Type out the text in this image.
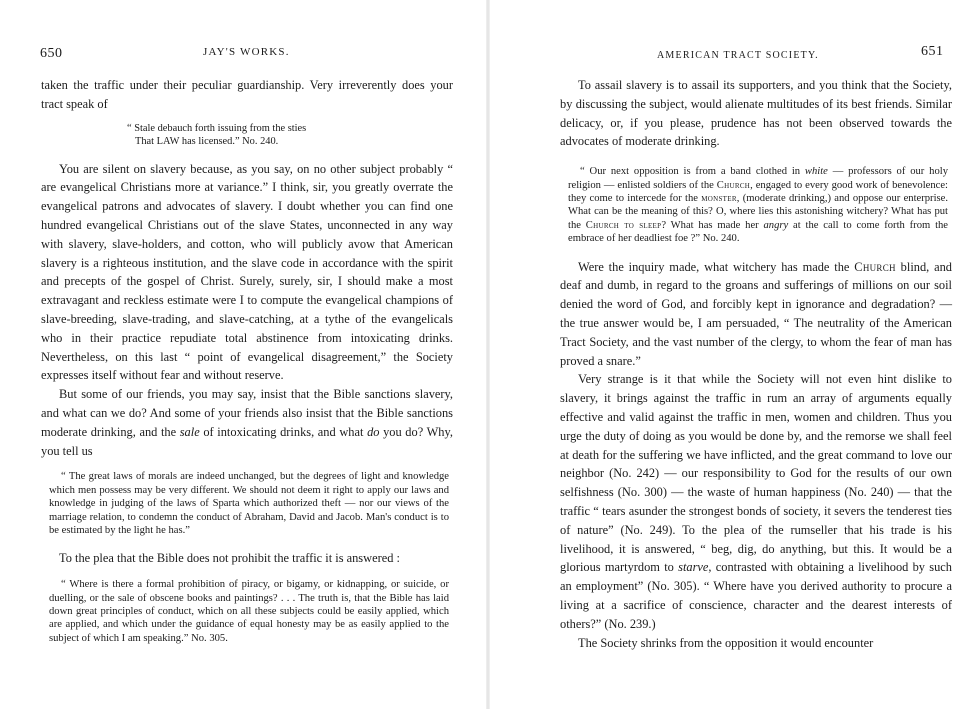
650	JAY'S WORKS.

taken the traffic under their peculiar guardianship. Very irreverently does your tract speak of

“ Stale debauch forth issuing from the sties
That LAW has licensed.” No. 240.

You are silent on slavery because, as you say, on no other subject probably “ are evangelical Christians more at variance.” I think, sir, you greatly overrate the evangelical patrons and advocates of slavery. I doubt whether you can find one hundred evangelical Christians out of the slave States, unconnected in any way with slavery, slave-holders, and cotton, who will publicly avow that American slavery is a righteous institution, and the slave code in accordance with the spirit and precepts of the gospel of Christ. Surely, surely, sir, I should make a most extravagant and reckless estimate were I to compute the evangelical champions of slave-breeding, slave-trading, and slave-catching, at a tythe of the evangelicals who in their practice repudiate total abstinence from intoxicating drinks. Nevertheless, on this last “ point of evangelical disagreement,” the Society expresses itself without fear and without reserve.

But some of our friends, you may say, insist that the Bible sanctions slavery, and what can we do? And some of your friends also insist that the Bible sanctions moderate drinking, and the sale of intoxicating drinks, and what do you do? Why, you tell us

“ The great laws of morals are indeed unchanged, but the degrees of light and knowledge which men possess may be very different. We should not deem it right to apply our laws and knowledge in judging of the laws of Sparta which authorized theft — nor our views of the marriage relation, to condemn the conduct of Abraham, David and Jacob. Man's conduct is to be estimated by the light he has.”

To the plea that the Bible does not prohibit the traffic it is answered :

“ Where is there a formal prohibition of piracy, or bigamy, or kidnapping, or suicide, or duelling, or the sale of obscene books and paintings? . . . The truth is, that the Bible has laid down great principles of conduct, which on all these subjects could be easily applied, which are applied, and which under the guidance of equal honesty may be as easily applied to the subject of which I am speaking.” No. 305.

AMERICAN TRACT SOCIETY.	651

To assail slavery is to assail its supporters, and you think that the Society, by discussing the subject, would alienate multitudes of its best friends. Similar delicacy, or, if you please, prudence has not been observed towards the advocates of moderate drinking.

“ Our next opposition is from a band clothed in white — professors of our holy religion — enlisted soldiers of the Church, engaged to every good work of benevolence: they come to intercede for the monster, (moderate drinking,) and oppose our enterprise. What can be the meaning of this? O, where lies this astonishing witchery? What has put the Church to sleep? What has made her angry at the call to come forth from the embrace of her deadliest foe ?” No. 240.

Were the inquiry made, what witchery has made the Church blind, and deaf and dumb, in regard to the groans and sufferings of millions on our soil denied the word of God, and forcibly kept in ignorance and degradation? — the true answer would be, I am persuaded, “ The neutrality of the American Tract Society, and the vast number of the clergy, to whom the fear of man has proved a snare.”

Very strange is it that while the Society will not even hint dislike to slavery, it brings against the traffic in rum an array of arguments equally effective and valid against the traffic in men, women and children. Thus you urge the duty of doing as you would be done by, and the remorse we shall feel at death for the suffering we have inflicted, and the great command to love our neighbor (No. 242) — our responsibility to God for the results of our own selfishness (No. 300) — the waste of human happiness (No. 240) — that the traffic “ tears asunder the strongest bonds of society, it severs the tenderest ties of nature” (No. 249). To the plea of the rumseller that his trade is his livelihood, it is answered, “ beg, dig, do anything, but this. It would be a glorious martyrdom to starve, contrasted with obtaining a livelihood by such an employment” (No. 305). “ Where have you derived authority to procure a living at a sacrifice of conscience, character and the dearest interests of others?” (No. 239.)

The Society shrinks from the opposition it would encounter
